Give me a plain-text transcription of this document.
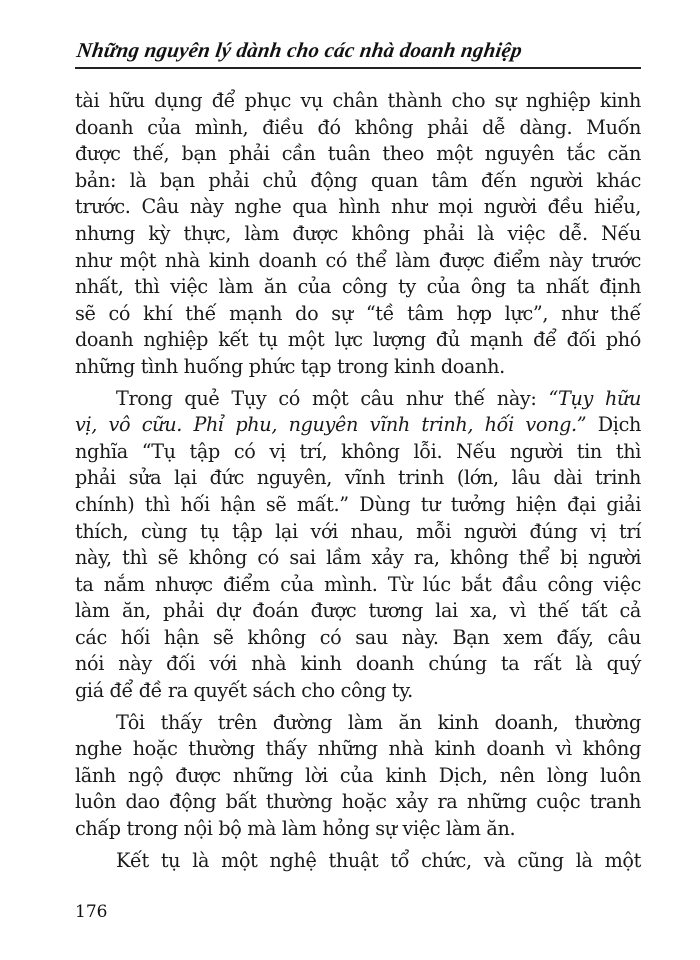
Những nguyên lý dành cho các nhà doanh nghiệp
tài hữu dụng để phục vụ chân thành cho sự nghiệp kinh
doanh của mình, điều đó không phải dễ dàng. Muốn
được thế, bạn phải cần tuân theo một nguyên tắc căn
bản: là bạn phải chủ động quan tâm đến người khác
trước. Câu này nghe qua hình như mọi người đều hiểu,
nhưng kỳ thực, làm được không phải là việc dễ. Nếu
như một nhà kinh doanh có thể làm được điểm này trước
nhất, thì việc làm ăn của công ty của ông ta nhất định
sẽ có khí thế mạnh do sự “tề tâm hợp lực”, như thế
doanh nghiệp kết tụ một lực lượng đủ mạnh để đối phó
những tình huống phức tạp trong kinh doanh.
Trong quẻ Tụy có một câu như thế này: “Tụy hữu
vị, vô cữu. Phỉ phu, nguyên vĩnh trinh, hối vong.” Dịch
nghĩa “Tụ tập có vị trí, không lỗi. Nếu người tin thì
phải sửa lại đức nguyên, vĩnh trinh (lớn, lâu dài trinh
chính) thì hối hận sẽ mất.” Dùng tư tưởng hiện đại giải
thích, cùng tụ tập lại với nhau, mỗi người đúng vị trí
này, thì sẽ không có sai lầm xảy ra, không thể bị người
ta nắm nhược điểm của mình. Từ lúc bắt đầu công việc
làm ăn, phải dự đoán được tương lai xa, vì thế tất cả
các hối hận sẽ không có sau này. Bạn xem đấy, câu
nói này đối với nhà kinh doanh chúng ta rất là quý
giá để đề ra quyết sách cho công ty.
Tôi thấy trên đường làm ăn kinh doanh, thường
nghe hoặc thường thấy những nhà kinh doanh vì không
lãnh ngộ được những lời của kinh Dịch, nên lòng luôn
luôn dao động bất thường hoặc xảy ra những cuộc tranh
chấp trong nội bộ mà làm hỏng sự việc làm ăn.
Kết tụ là một nghệ thuật tổ chức, và cũng là một
176
